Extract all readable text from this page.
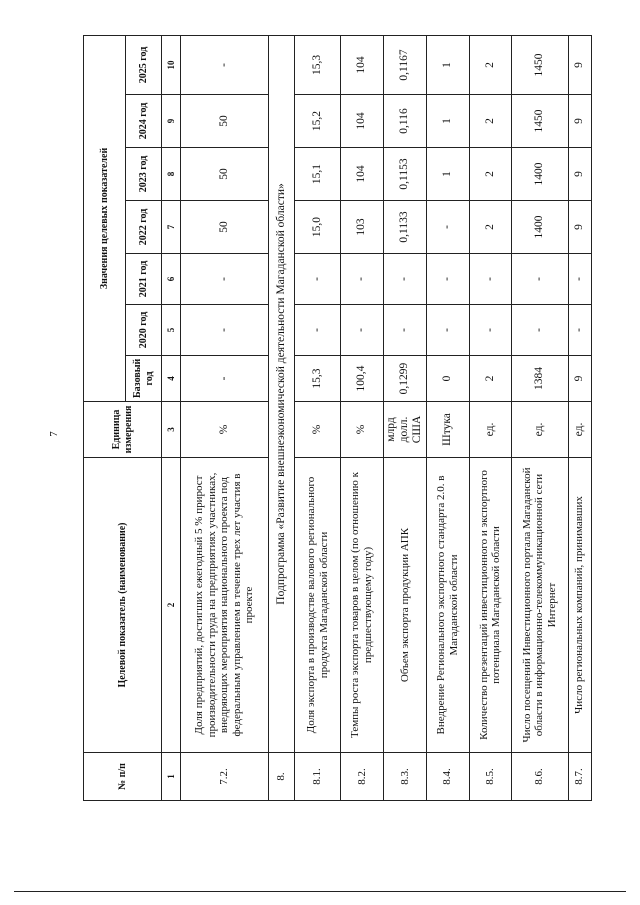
7
№ п/п	Целевой показатель (наименование)	Единица измерения	Значения целевых показателей						
			Базовый год	2020 год	2021 год	2022 год	2023 год	2024 год	2025 год
1	2	3	4	5	6	7	8	9	10
7.2.	Доля предприятий, достигших ежегодный 5 % прирост производительности труда на предприятиях участниках, внедряющих мероприятия национального проекта под федеральным управлением в течение трех лет участия в проекте	%	-	-	-	50	50	50	-
8.	Подпрограмма «Развитие внешнеэкономической деятельности Магаданской области»								
8.1.	Доля экспорта в производстве валового регионального продукта Магаданской области	%	15,3	-	-	15,0	15,1	15,2	15,3
8.2.	Темпы роста экспорта товаров в целом (по отношению к предшествующему году)	%	100,4	-	-	103	104	104	104
8.3.	Объем экспорта продукции АПК	млрд долл. США	0,1299	-	-	0,1133	0,1153	0,116	0,1167
8.4.	Внедрение Регионального экспортного стандарта 2.0. в Магаданской области	Штука	0	-	-	-	1	1	1
8.5.	Количество презентаций инвестиционного и экспортного потенциала Магаданской области	ед.	2	-	-	2	2	2	2
8.6.	Число посещений Инвестиционного портала Магаданской области в информационно-телекоммуникационной сети Интернет	ед.	1384	-	-	1400	1400	1450	1450
8.7.	Число региональных компаний, принимавших	ед.	9	-	-	9	9	9	9
